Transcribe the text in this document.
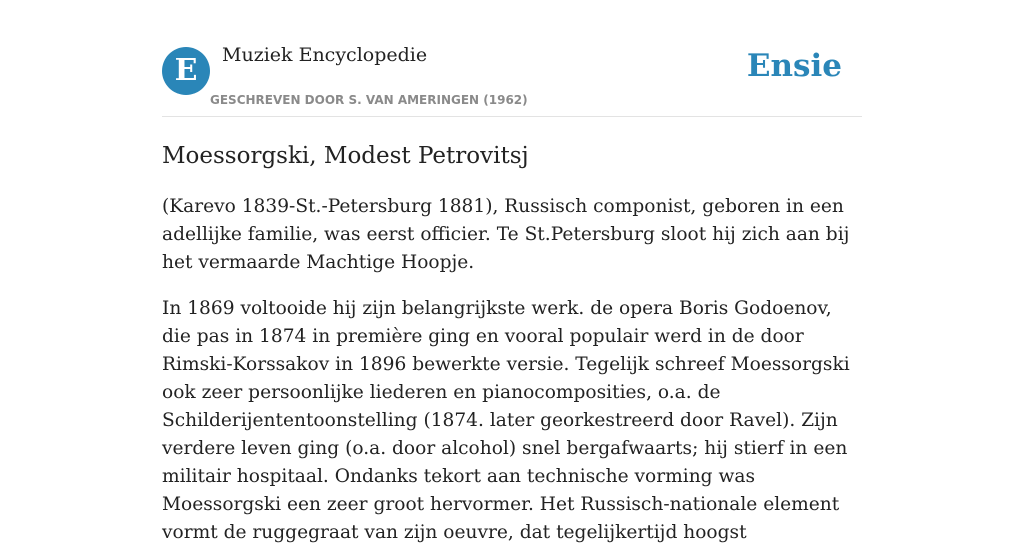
E	Muziek Encyclopedie
GESCHREVEN DOOR S. VAN AMERINGEN (1962)
Ensie
Moessorgski, Modest Petrovitsj

(Karevo 1839-St.-Petersburg 1881), Russisch componist, geboren in een adellijke familie, was eerst officier. Te St.Petersburg sloot hij zich aan bij het vermaarde Machtige Hoopje.

In 1869 voltooide hij zijn belangrijkste werk. de opera Boris Godoenov, die pas in 1874 in première ging en vooral populair werd in de door Rimski-Korssakov in 1896 bewerkte versie. Tegelijk schreef Moessorgski ook zeer persoonlijke liederen en pianocomposities, o.a. de Schilderijententoonstelling (1874. later georkestreerd door Ravel). Zijn verdere leven ging (o.a. door alcohol) snel bergafwaarts; hij stierf in een militair hospitaal. Ondanks tekort aan technische vorming was Moessorgski een zeer groot hervormer. Het Russisch-nationale element vormt de ruggegraat van zijn oeuvre, dat tegelijkertijd hoogst
